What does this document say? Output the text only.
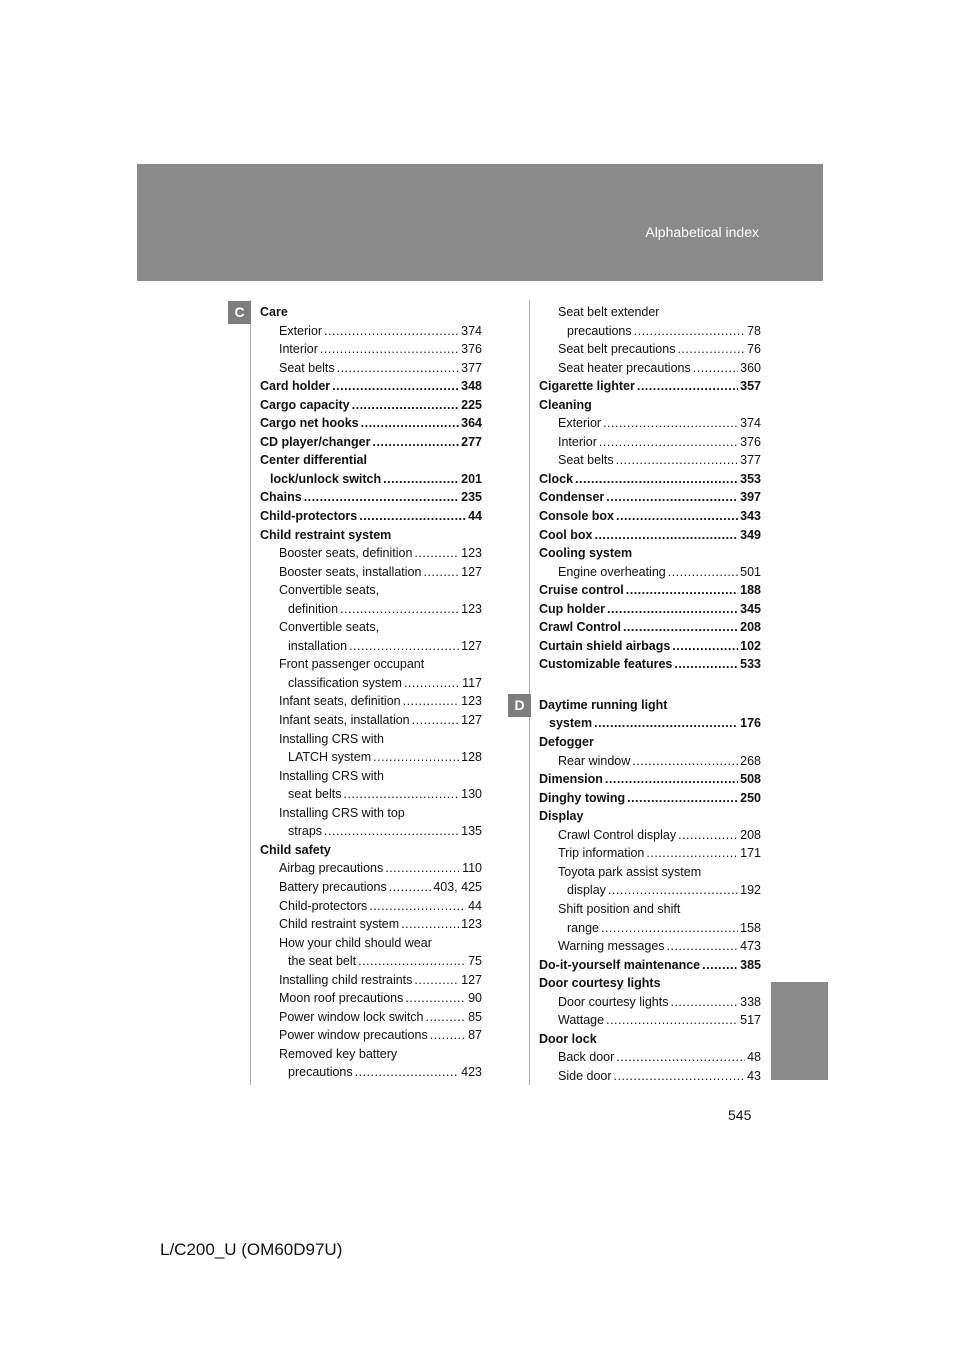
Alphabetical index
C
D
Care
Exterior .....	374
Interior .....	376
Seat belts .....	377
Card holder .....	348
Cargo capacity .....	225
Cargo net hooks .....	364
CD player/changer .....	277
Center differential
lock/unlock switch .....	201
Chains .....	235
Child-protectors .....	44
Child restraint system
Booster seats, definition .....	123
Booster seats, installation .....	127
Convertible seats,
definition .....	123
Convertible seats,
installation .....	127
Front passenger occupant
classification system .....	117
Infant seats, definition .....	123
Infant seats, installation .....	127
Installing CRS with
LATCH system .....	128
Installing CRS with
seat belts .....	130
Installing CRS with top
straps .....	135
Child safety
Airbag precautions .....	110
Battery precautions .....	403, 425
Child-protectors .....	44
Child restraint system .....	123
How your child should wear
the seat belt .....	75
Installing child restraints .....	127
Moon roof precautions .....	90
Power window lock switch .....	85
Power window precautions .....	87
Removed key battery
precautions .....	423
Seat belt extender
precautions .....	78
Seat belt precautions .....	76
Seat heater precautions .....	360
Cigarette lighter .....	357
Cleaning
Exterior .....	374
Interior .....	376
Seat belts .....	377
Clock .....	353
Condenser .....	397
Console box .....	343
Cool box .....	349
Cooling system
Engine overheating .....	501
Cruise control .....	188
Cup holder .....	345
Crawl Control .....	208
Curtain shield airbags .....	102
Customizable features .....	533
Daytime running light
system .....	176
Defogger
Rear window .....	268
Dimension .....	508
Dinghy towing .....	250
Display
Crawl Control display .....	208
Trip information .....	171
Toyota park assist system
display .....	192
Shift position and shift
range .....	158
Warning messages .....	473
Do-it-yourself maintenance .....	385
Door courtesy lights
Door courtesy lights .....	338
Wattage .....	517
Door lock
Back door .....	48
Side door .....	43
545
L/C200_U (OM60D97U)
